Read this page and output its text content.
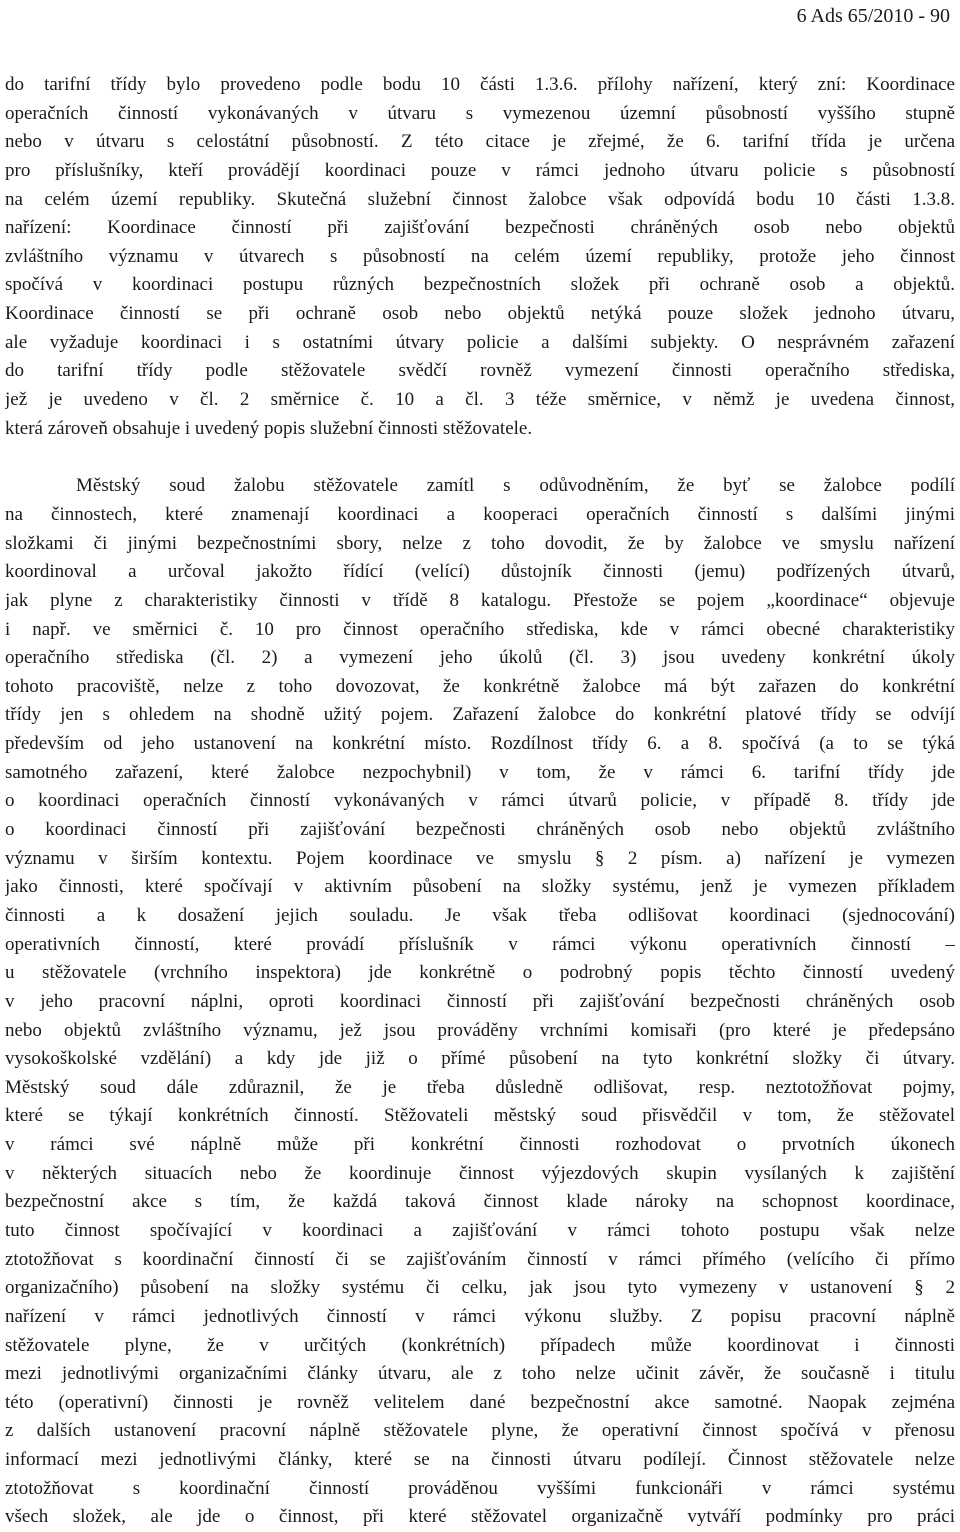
6 Ads 65/2010 - 90

do tarifní třídy bylo provedeno podle bodu 10 části 1.3.6. přílohy nařízení, který zní: Koordinace
operačních činností vykonávaných v útvaru s vymezenou územní působností vyššího stupně
nebo v útvaru s celostátní působností. Z této citace je zřejmé, že 6. tarifní třída je určena
pro příslušníky, kteří provádějí koordinaci pouze v rámci jednoho útvaru policie s působností
na celém území republiky. Skutečná služební činnost žalobce však odpovídá bodu 10 části 1.3.8.
nařízení: Koordinace činností při zajišťování bezpečnosti chráněných osob nebo objektů
zvláštního významu v útvarech s působností na celém území republiky, protože jeho činnost
spočívá v koordinaci postupu různých bezpečnostních složek při ochraně osob a objektů.
Koordinace činností se při ochraně osob nebo objektů netýká pouze složek jednoho útvaru,
ale vyžaduje koordinaci i s ostatními útvary policie a dalšími subjekty. O nesprávném zařazení
do tarifní třídy podle stěžovatele svědčí rovněž vymezení činnosti operačního střediska,
jež je uvedeno v čl. 2 směrnice č. 10 a čl. 3 téže směrnice, v němž je uvedena činnost,
která zároveň obsahuje i uvedený popis služební činnosti stěžovatele.

Městský soud žalobu stěžovatele zamítl s odůvodněním, že byť se žalobce podílí
na činnostech, které znamenají koordinaci a kooperaci operačních činností s dalšími jinými
složkami či jinými bezpečnostními sbory, nelze z toho dovodit, že by žalobce ve smyslu nařízení
koordinoval a určoval jakožto řídící (velící) důstojník činnosti (jemu) podřízených útvarů,
jak plyne z charakteristiky činnosti v třídě 8 katalogu. Přestože se pojem „koordinace“ objevuje
i např. ve směrnici č. 10 pro činnost operačního střediska, kde v rámci obecné charakteristiky
operačního střediska (čl. 2) a vymezení jeho úkolů (čl. 3) jsou uvedeny konkrétní úkoly
tohoto pracoviště, nelze z toho dovozovat, že konkrétně žalobce má být zařazen do konkrétní
třídy jen s ohledem na shodně užitý pojem. Zařazení žalobce do konkrétní platové třídy se odvíjí
především od jeho ustanovení na konkrétní místo. Rozdílnost třídy 6. a 8. spočívá (a to se týká
samotného zařazení, které žalobce nezpochybnil) v tom, že v rámci 6. tarifní třídy jde
o koordinaci operačních činností vykonávaných v rámci útvarů policie, v případě 8. třídy jde
o koordinaci činností při zajišťování bezpečnosti chráněných osob nebo objektů zvláštního
významu v širším kontextu. Pojem koordinace ve smyslu § 2 písm. a) nařízení je vymezen
jako činnosti, které spočívají v aktivním působení na složky systému, jenž je vymezen příkladem
činnosti a k dosažení jejich souladu. Je však třeba odlišovat koordinaci (sjednocování)
operativních činností, které provádí příslušník v rámci výkonu operativních činností –
u stěžovatele (vrchního inspektora) jde konkrétně o podrobný popis těchto činností uvedený
v jeho pracovní náplni, oproti koordinaci činností při zajišťování bezpečnosti chráněných osob
nebo objektů zvláštního významu, jež jsou prováděny vrchními komisaři (pro které je předepsáno
vysokoškolské vzdělání) a kdy jde již o přímé působení na tyto konkrétní složky či útvary.
Městský soud dále zdůraznil, že je třeba důsledně odlišovat, resp. neztotožňovat pojmy,
které se týkají konkrétních činností. Stěžovateli městský soud přisvědčil v tom, že stěžovatel
v rámci své náplně může při konkrétní činnosti rozhodovat o prvotních úkonech
v některých situacích nebo že koordinuje činnost výjezdových skupin vysílaných k zajištění
bezpečnostní akce s tím, že každá taková činnost klade nároky na schopnost koordinace,
tuto činnost spočívající v koordinaci a zajišťování v rámci tohoto postupu však nelze
ztotožňovat s koordinační činností či se zajišťováním činností v rámci přímého (velícího či přímo
organizačního) působení na složky systému či celku, jak jsou tyto vymezeny v ustanovení § 2
nařízení v rámci jednotlivých činností v rámci výkonu služby. Z popisu pracovní náplně
stěžovatele plyne, že v určitých (konkrétních) případech může koordinovat i činnosti
mezi jednotlivými organizačními články útvaru, ale z toho nelze učinit závěr, že současně i titulu
této (operativní) činnosti je rovněž velitelem dané bezpečnostní akce samotné. Naopak zejména
z dalších ustanovení pracovní náplně stěžovatele plyne, že operativní činnost spočívá v přenosu
informací mezi jednotlivými články, které se na činnosti útvaru podílejí. Činnost stěžovatele nelze
ztotožňovat s koordinační činností prováděnou vyššími funkcionáři v rámci systému
všech složek, ale jde o činnost, při které stěžovatel organizačně vytváří podmínky pro práci
